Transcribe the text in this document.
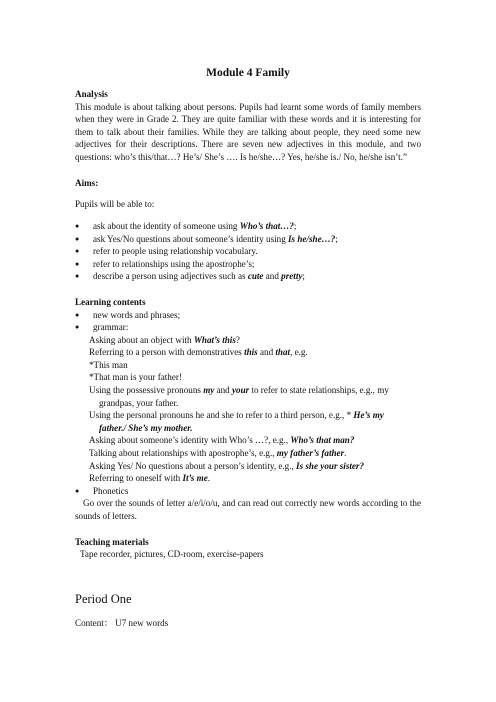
Module 4 Family

Analysis

This module is about talking about persons. Pupils had learnt some words of family members when they were in Grade 2. They are quite familiar with these words and it is interesting for them to talk about their families. While they are talking about people, they need some new adjectives for their descriptions. There are seven new adjectives in this module, and two questions: who’s this/that…? He’s/ She’s …. Is he/she…? Yes, he/she is./ No, he/she isn’t.”

Aims:

Pupils will be able to:

●	ask about the identity of someone using Who’s that…?;
●	ask Yes/No questions about someone’s identity using Is he/she…?;
●	refer to people using relationship vocabulary.
●	refer to relationships using the apostrophe’s;
●	describe a person using adjectives such as cute and pretty;

Learning contents

●	new words and phrases;
●	grammar:

Asking about an object with What’s this?

Referring to a person with demonstratives this and that, e.g.

*This man

*That man is your father!

Using the possessive pronouns my and your to refer to state relationships, e.g., my
grandpas, your father.

Using the personal pronouns he and she to refer to a third person, e.g., * He’s my
father./ She’s my mother.

Asking about someone’s identity with Who’s …?, e.g., Who’s that man?

Talking about relationships with apostrophe’s, e.g., my father’s father.

Asking Yes/ No questions about a person’s identity, e.g., Is she your sister?

Referring to oneself with It’s me.

●	Phonetics

Go over the sounds of letter a/e/i/o/u, and can read out correctly new words according to the sounds of letters.

Teaching materials

Tape recorder, pictures, CD-room, exercise-papers

Period One

Content： U7 new words
